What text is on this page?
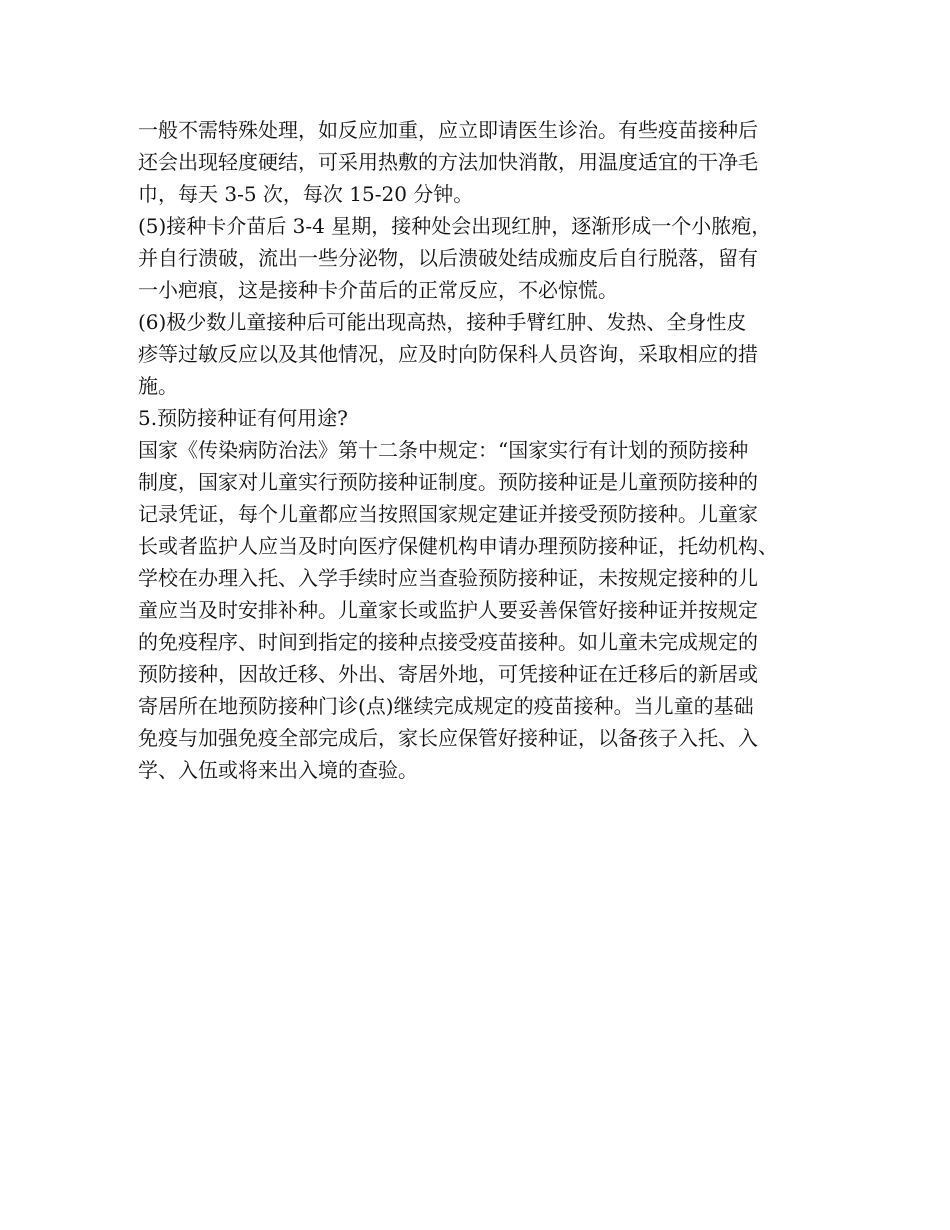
一般不需特殊处理，如反应加重，应立即请医生诊治。有些疫苗接种后
还会出现轻度硬结，可采用热敷的方法加快消散，用温度适宜的干净毛
巾，每天 3-5 次，每次 15-20 分钟。
(5)接种卡介苗后 3-4 星期，接种处会出现红肿，逐渐形成一个小脓疱，
并自行溃破，流出一些分泌物，以后溃破处结成痂皮后自行脱落，留有
一小疤痕，这是接种卡介苗后的正常反应，不必惊慌。
(6)极少数儿童接种后可能出现高热，接种手臂红肿、发热、全身性皮
疹等过敏反应以及其他情况，应及时向防保科人员咨询，采取相应的措
施。
5.预防接种证有何用途?
国家《传染病防治法》第十二条中规定：“国家实行有计划的预防接种
制度，国家对儿童实行预防接种证制度。预防接种证是儿童预防接种的
记录凭证，每个儿童都应当按照国家规定建证并接受预防接种。儿童家
长或者监护人应当及时向医疗保健机构申请办理预防接种证，托幼机构、
学校在办理入托、入学手续时应当查验预防接种证，未按规定接种的儿
童应当及时安排补种。儿童家长或监护人要妥善保管好接种证并按规定
的免疫程序、时间到指定的接种点接受疫苗接种。如儿童未完成规定的
预防接种，因故迁移、外出、寄居外地，可凭接种证在迁移后的新居或
寄居所在地预防接种门诊(点)继续完成规定的疫苗接种。当儿童的基础
免疫与加强免疫全部完成后，家长应保管好接种证，以备孩子入托、入
学、入伍或将来出入境的查验。
